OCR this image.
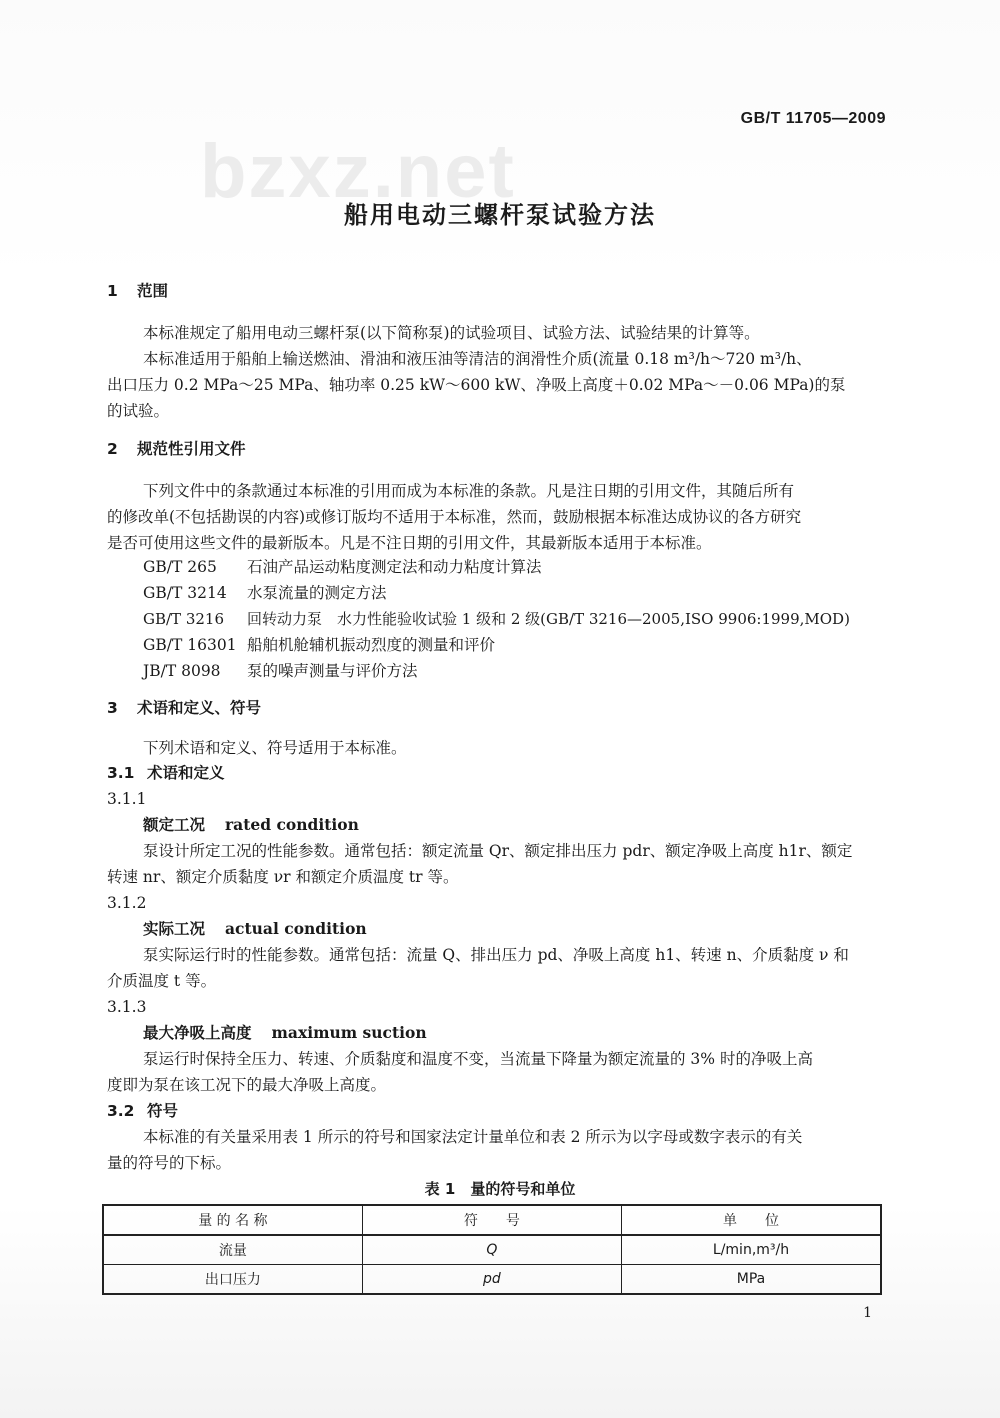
bzxz.net
GB/T 11705—2009
船用电动三螺杆泵试验方法
1 范围
本标准规定了船用电动三螺杆泵(以下简称泵)的试验项目、试验方法、试验结果的计算等。
本标准适用于船舶上输送燃油、滑油和液压油等清洁的润滑性介质(流量 0.18 m³/h～720 m³/h、
出口压力 0.2 MPa～25 MPa、轴功率 0.25 kW～600 kW、净吸上高度＋0.02 MPa～－0.06 MPa)的泵
的试验。
2 规范性引用文件
下列文件中的条款通过本标准的引用而成为本标准的条款。凡是注日期的引用文件，其随后所有
的修改单(不包括勘误的内容)或修订版均不适用于本标准，然而，鼓励根据本标准达成协议的各方研究
是否可使用这些文件的最新版本。凡是不注日期的引用文件，其最新版本适用于本标准。
GB/T 265 石油产品运动粘度测定法和动力粘度计算法
GB/T 3214 水泵流量的测定方法
GB/T 3216 回转动力泵　水力性能验收试验 1 级和 2 级(GB/T 3216—2005,ISO 9906:1999,MOD)
GB/T 16301 船舶机舱辅机振动烈度的测量和评价
JB/T 8098 泵的噪声测量与评价方法
3 术语和定义、符号
下列术语和定义、符号适用于本标准。
3.1 术语和定义
3.1.1
额定工况 rated condition
泵设计所定工况的性能参数。通常包括：额定流量 Qr、额定排出压力 pdr、额定净吸上高度 h1r、额定
转速 nr、额定介质黏度 νr 和额定介质温度 tr 等。
3.1.2
实际工况 actual condition
泵实际运行时的性能参数。通常包括：流量 Q、排出压力 pd、净吸上高度 h1、转速 n、介质黏度 ν 和
介质温度 t 等。
3.1.3
最大净吸上高度 maximum suction
泵运行时保持全压力、转速、介质黏度和温度不变，当流量下降量为额定流量的 3% 时的净吸上高
度即为泵在该工况下的最大净吸上高度。
3.2 符号
本标准的有关量采用表 1 所示的符号和国家法定计量单位和表 2 所示为以字母或数字表示的有关
量的符号的下标。
表 1　量的符号和单位
量 的 名 称	符　　号	单　　位
流量	Q	L/min,m³/h
出口压力	pd	MPa
1
